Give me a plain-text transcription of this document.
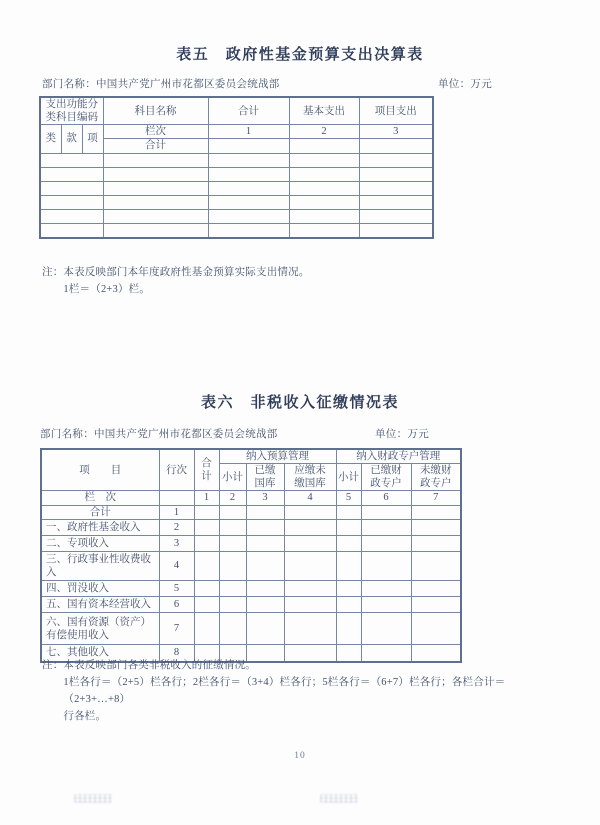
表五　政府性基金预算支出决算表
部门名称：中国共产党广州市花都区委员会统战部	单位：万元
支出功能分类科目编码			科目名称	合计	基本支出	项目支出
类	款	项	栏次	1	2	3
			合计			

注： 本表反映部门本年度政府性基金预算实际支出情况。
1栏＝（2+3）栏。
表六　非税收入征缴情况表
部门名称：中国共产党广州市花都区委员会统战部	单位：万元
项　　目	行次	合计	纳入预算管理			纳入财政专户管理		
			小计	已缴国库	应缴未缴国库	小计	已缴财政专户	未缴财政专户
栏　次		1	2	3	4	5	6	7
合计	1							
一、政府性基金收入	2							
二、专项收入	3							
三、行政事业性收费收入	4							
四、罚没收入	5							
五、国有资本经营收入	6							
六、国有资源（资产）有偿使用收入	7							
七、其他收入	8							
注： 本表反映部门各类非税收入的征缴情况。
1栏各行＝（2+5）栏各行；2栏各行＝（3+4）栏各行；5栏各行＝（6+7）栏各行；各栏合计＝（2+3+…+8）
行各栏。
10
